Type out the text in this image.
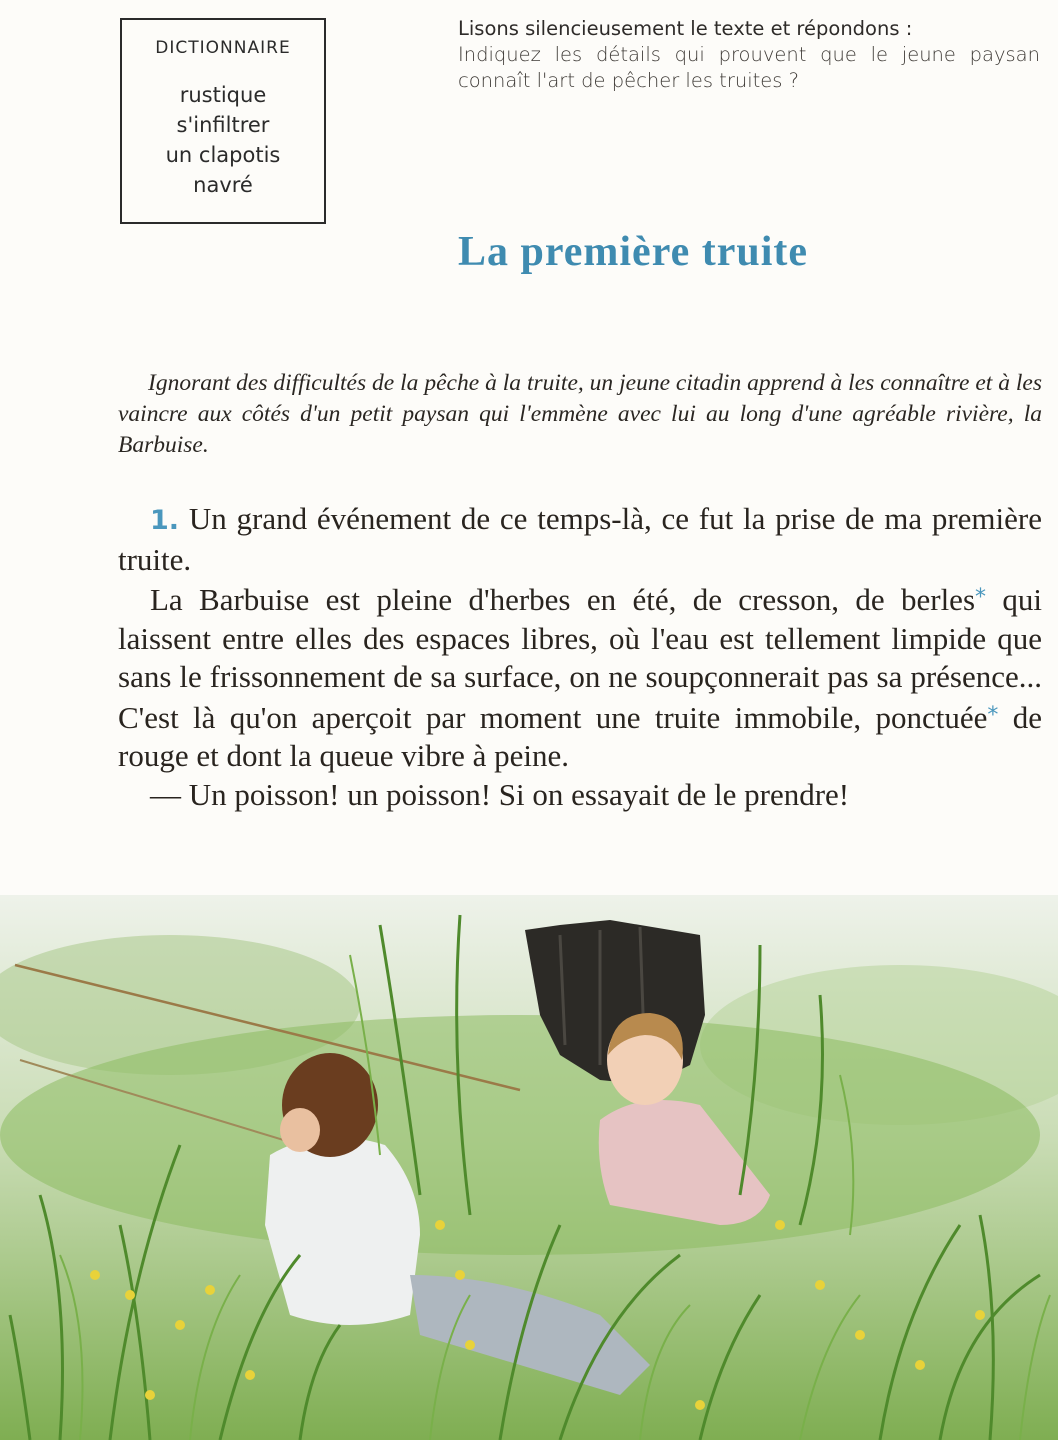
DICTIONNAIRE
rustique
s'infiltrer
un clapotis
navré
Lisons silencieusement le texte et répondons :
Indiquez les détails qui prouvent que le jeune paysan connaît l'art de pêcher les truites ?
La première truite
Ignorant des difficultés de la pêche à la truite, un jeune citadin apprend à les connaître et à les vaincre aux côtés d'un petit paysan qui l'emmène avec lui au long d'une agréable rivière, la Barbuise.

1. Un grand événement de ce temps-là, ce fut la prise de ma première truite.

La Barbuise est pleine d'herbes en été, de cresson, de berles* qui laissent entre elles des espaces libres, où l'eau est tellement limpide que sans le frissonnement de sa surface, on ne soupçonnerait pas sa présence... C'est là qu'on aperçoit par moment une truite immobile, ponctuée* de rouge et dont la queue vibre à peine.

— Un poisson! un poisson! Si on essayait de le prendre!
